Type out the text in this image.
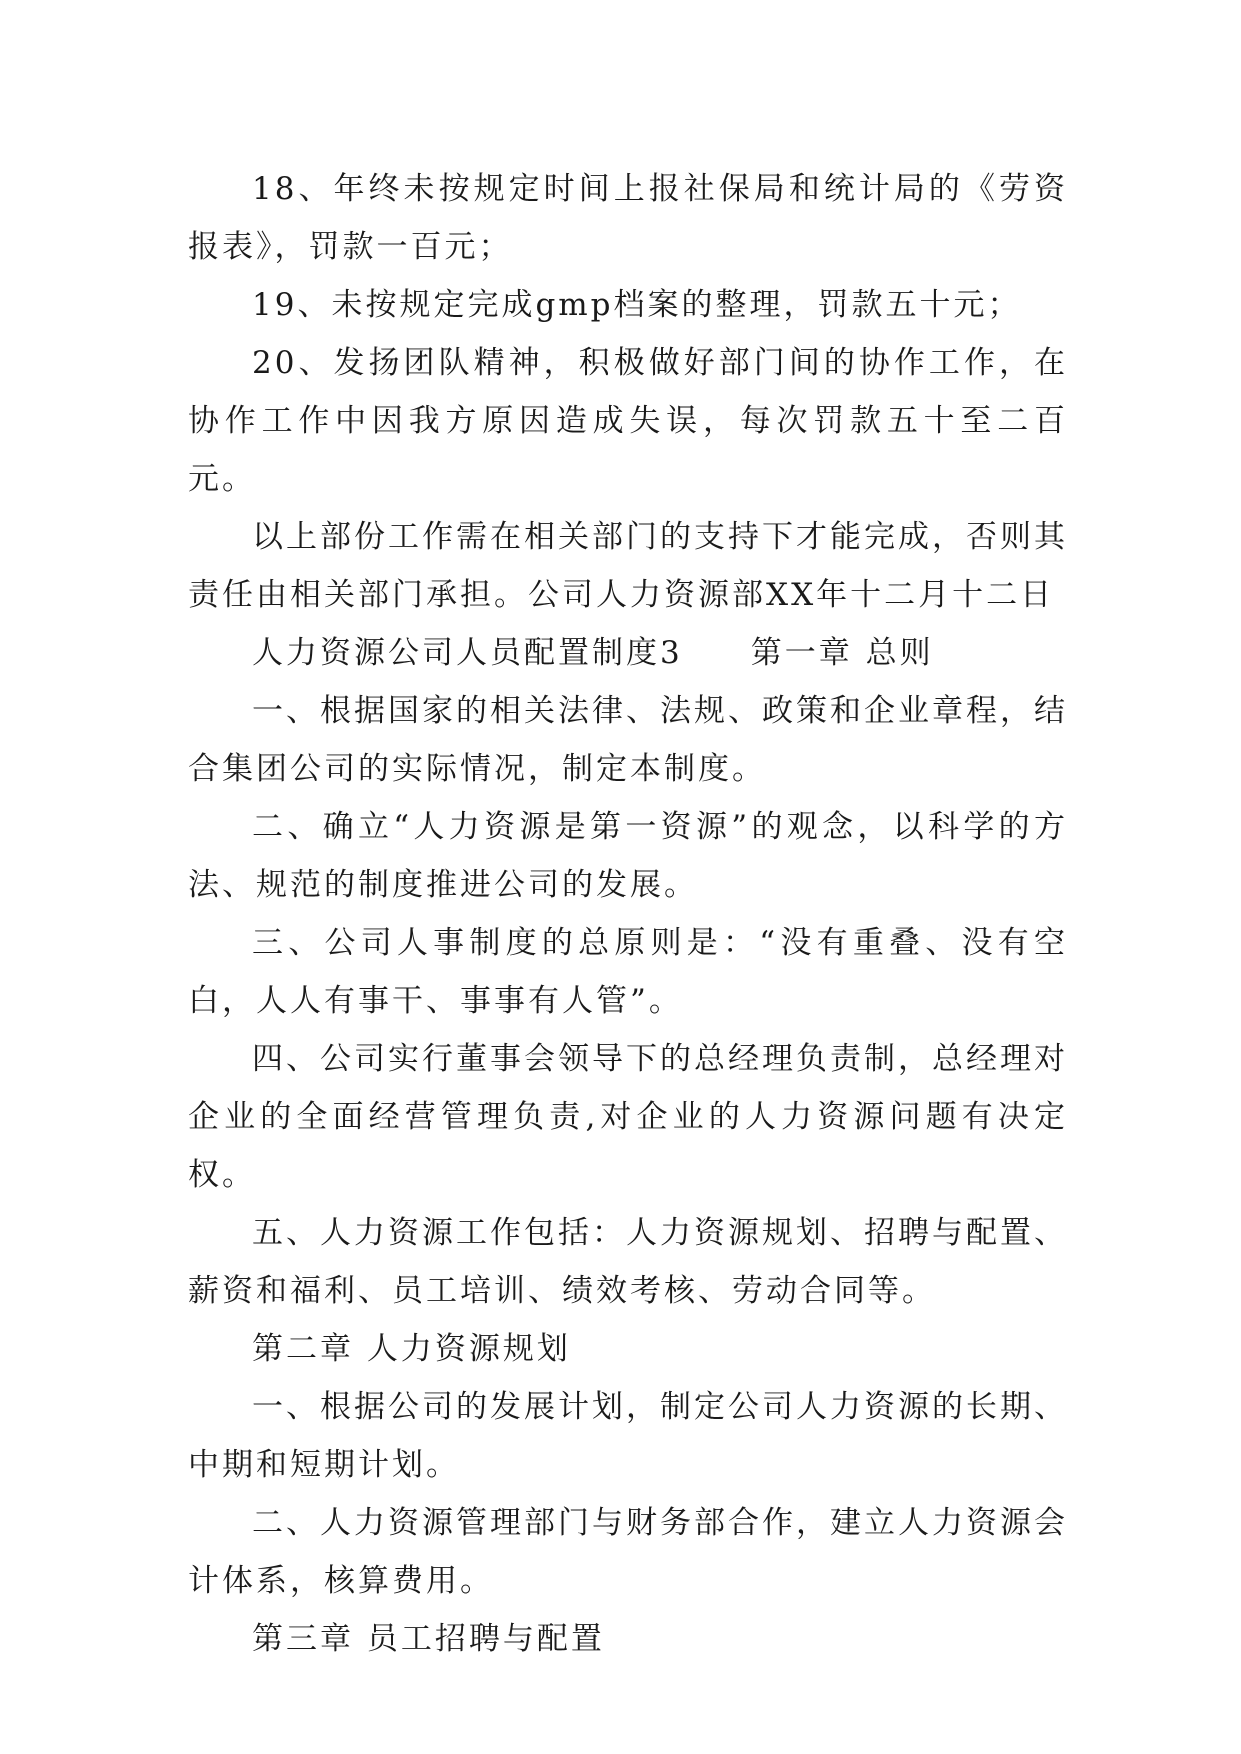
18、年终未按规定时间上报社保局和统计局的《劳资报表》，罚款一百元；

19、未按规定完成gmp档案的整理，罚款五十元；

20、发扬团队精神，积极做好部门间的协作工作，在协作工作中因我方原因造成失误，每次罚款五十至二百元。

以上部份工作需在相关部门的支持下才能完成，否则其责任由相关部门承担。公司人力资源部XX年十二月十二日

人力资源公司人员配置制度3　　第一章 总则

一、根据国家的相关法律、法规、政策和企业章程，结合集团公司的实际情况，制定本制度。

二、确立“人力资源是第一资源”的观念，以科学的方法、规范的制度推进公司的发展。

三、公司人事制度的总原则是：“没有重叠、没有空白，人人有事干、事事有人管”。

四、公司实行董事会领导下的总经理负责制，总经理对企业的全面经营管理负责,对企业的人力资源问题有决定权。

五、人力资源工作包括：人力资源规划、招聘与配置、薪资和福利、员工培训、绩效考核、劳动合同等。

第二章 人力资源规划

一、根据公司的发展计划，制定公司人力资源的长期、中期和短期计划。

二、人力资源管理部门与财务部合作，建立人力资源会计体系，核算费用。

第三章 员工招聘与配置
